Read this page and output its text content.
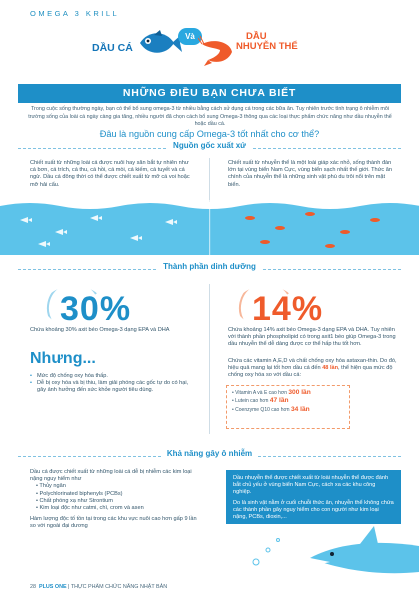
OMEGA 3 KRILL
DẦU CÁ
Và	DẦU
NHUYỄN THỂ
NHỮNG ĐIỀU BẠN CHƯA BIẾT
Trong cuộc sống thường ngày, bạn có thể bổ sung omega-3 từ nhiều bằng cách sử dụng cá trong các bữa ăn. Tuy nhiên trước tình trạng ô nhiễm môi trường sống của loài cá ngày càng gia tăng, nhiều người đã chọn cách bổ sung Omega-3 thông qua các loại thực phẩm chức năng như dầu nhuyễn thể hoặc dầu cá.
Đâu là nguồn cung cấp Omega-3 tốt nhất cho cơ thể?
Nguồn gốc xuất xứ
Chiết xuất từ những loài cá được nuôi hay săn bắt tự nhiên như cá bơn, cá trích, cá thu, cá hồi, cá mòi, cá kiếm, cá tuyết và cá ngừ. Dầu cá đông thời có thể được chiết xuất từ mỡ cá voi hoặc mỡ hải cẩu.
Chiết xuất từ nhuyễn thể là một loài giáp xác nhỏ, sống thành đàn lớn tại vùng biển Nam Cực, vùng biển sạch nhất thế giới. Thức ăn chính của nhuyễn thể là những sinh vật phù du trôi nổi trên mặt biển.
Thành phần dinh dưỡng
30%
Chứa khoảng 30% axit béo Omega-3 dạng EPA và DHA
14%
Chứa khoảng 14% axit béo Omega-3 dạng EPA và DHA. Tuy nhiên với thành phần phospholipid có trong axit1 béo giúp Omega-3 trong dầu nhuyễn thể dễ dàng được cơ thể hấp thu tốt hơn.
Chứa các vitamin A,E,D và chất chống oxy hóa astaxan-thin. Do đó, hiệu quả mang lại tốt hơn dầu cá đến 48 lần, thể hiện qua mức độ chống oxy hóa so với dầu cá:
Nhưng...
• Mức độ chống oxy hóa thấp.
• Dễ bị oxy hóa và bị thiu, làm giải phóng các gốc tự do có hại, gây ảnh hưởng đến sức khỏe người tiêu dùng.	• Vitamin A và E cao hơn 300 lần
• Lutein cao hơn 47 lần
• Coenzyme Q10 cao hơn 34 lần
Khả năng gây ô nhiễm
Dầu cá được chiết xuất từ những loài cá dễ bị nhiễm các kim loại nặng nguy hiểm như
• Thủy ngân
• Polychlorinated biphenyls (PCBs)
• Chất phóng xạ như Strontium
• Kim loại độc như catmi, chì, crom và asen
Hàm lượng độc tố tồn tại trong các khu vực nuôi cao hơn gấp 9 lần so với ngoài đại dương
Dầu nhuyễn thể được chiết xuất từ loài nhuyễn thể được đánh bắt chủ yếu ở vùng biển Nam Cực, cách xa các khu công nghiệp.
Do là sinh vật nằm ở cuối chuỗi thức ăn, nhuyễn thể không chứa các thành phần gây nguy hiểm cho con người như kim loại nặng, PCBs, dioxin,...
28 PLUS ONE | THỰC PHẨM CHỨC NĂNG NHẬT BẢN
